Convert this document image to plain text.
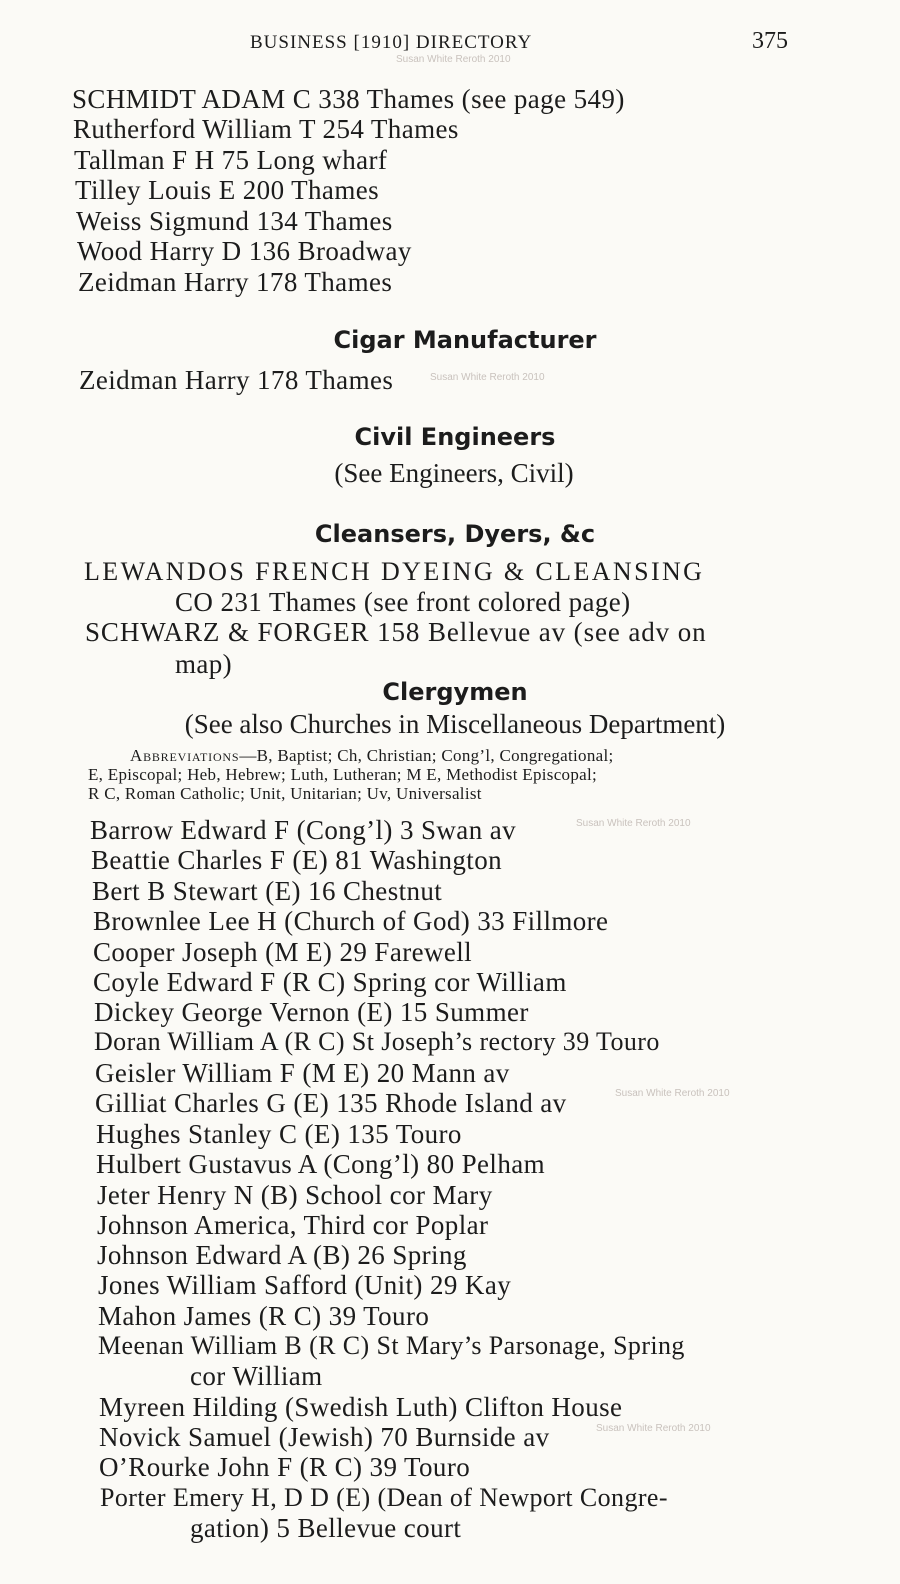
BUSINESS [1910] DIRECTORY	375
Susan White Reroth 2010
Susan White Reroth 2010
Susan White Reroth 2010
Susan White Reroth 2010
Susan White Reroth 2010
SCHMIDT ADAM C 338 Thames (see page 549)
Rutherford William T 254 Thames
Tallman F H 75 Long wharf
Tilley Louis E 200 Thames
Weiss Sigmund 134 Thames
Wood Harry D 136 Broadway
Zeidman Harry 178 Thames
Cigar Manufacturer
Zeidman Harry 178 Thames
Civil Engineers
(See Engineers, Civil)
Cleansers, Dyers, &c
LEWANDOS FRENCH DYEING & CLEANSING
CO 231 Thames (see front colored page)
SCHWARZ & FORGER 158 Bellevue av (see adv on
map)
Clergymen
(See also Churches in Miscellaneous Department)
Abbreviations—B, Baptist; Ch, Christian; Cong’l, Congregational;
E, Episcopal; Heb, Hebrew; Luth, Lutheran; M E, Methodist Episcopal;
R C, Roman Catholic; Unit, Unitarian; Uv, Universalist
Barrow Edward F (Cong’l) 3 Swan av
Beattie Charles F (E) 81 Washington
Bert B Stewart (E) 16 Chestnut
Brownlee Lee H (Church of God) 33 Fillmore
Cooper Joseph (M E) 29 Farewell
Coyle Edward F (R C) Spring cor William
Dickey George Vernon (E) 15 Summer
Doran William A (R C) St Joseph’s rectory 39 Touro
Geisler William F (M E) 20 Mann av
Gilliat Charles G (E) 135 Rhode Island av
Hughes Stanley C (E) 135 Touro
Hulbert Gustavus A (Cong’l) 80 Pelham
Jeter Henry N (B) School cor Mary
Johnson America, Third cor Poplar
Johnson Edward A (B) 26 Spring
Jones William Safford (Unit) 29 Kay
Mahon James (R C) 39 Touro
Meenan William B (R C) St Mary’s Parsonage, Spring
cor William
Myreen Hilding (Swedish Luth) Clifton House
Novick Samuel (Jewish) 70 Burnside av
O’Rourke John F (R C) 39 Touro
Porter Emery H, D D (E) (Dean of Newport Congre-
gation) 5 Bellevue court
